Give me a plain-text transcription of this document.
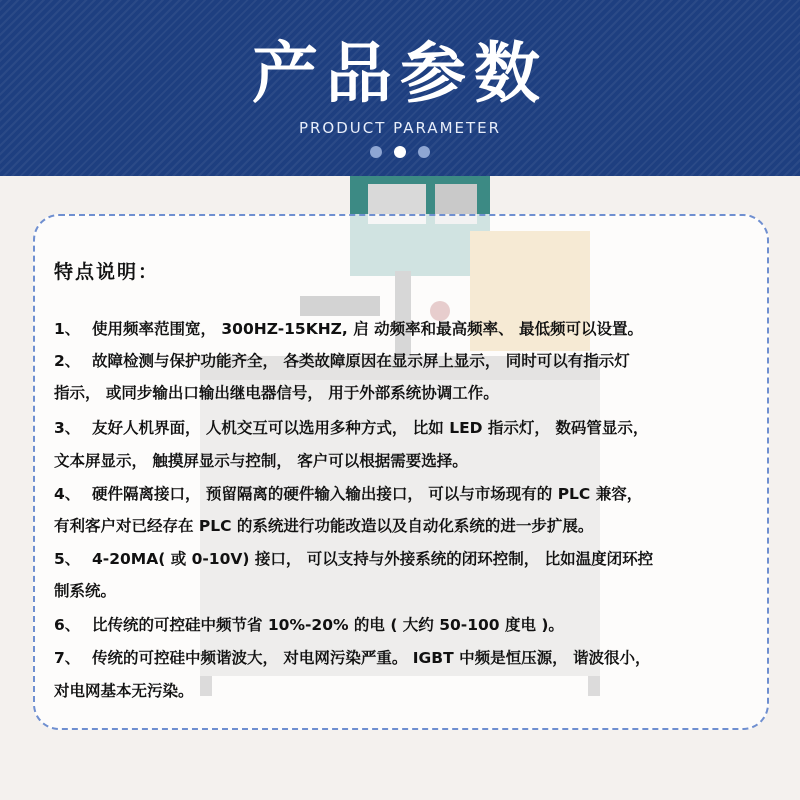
产品参数
PRODUCT PARAMETER
特点说明：
1、 使用频率范围宽， 300HZ-15KHZ, 启 动频率和最高频率、 最低频可以设置。
2、 故障检测与保护功能齐全， 各类故障原因在显示屏上显示， 同时可以有指示灯
指示， 或同步输出口输出继电器信号， 用于外部系统协调工作。
3、 友好人机界面， 人机交互可以选用多种方式， 比如 LED 指示灯， 数码管显示，
文本屏显示， 触摸屏显示与控制， 客户可以根据需要选择。
4、 硬件隔离接口， 预留隔离的硬件输入输出接口， 可以与市场现有的 PLC 兼容，
有利客户对已经存在 PLC 的系统进行功能改造以及自动化系统的进一步扩展。
5、 4-20MA( 或 0-10V) 接口， 可以支持与外接系统的闭环控制， 比如温度闭环控
制系统。
6、 比传统的可控硅中频节省 10%-20% 的电 ( 大约 50-100 度电 )。
7、 传统的可控硅中频谐波大， 对电网污染严重。 IGBT 中频是恒压源， 谐波很小，
对电网基本无污染。
